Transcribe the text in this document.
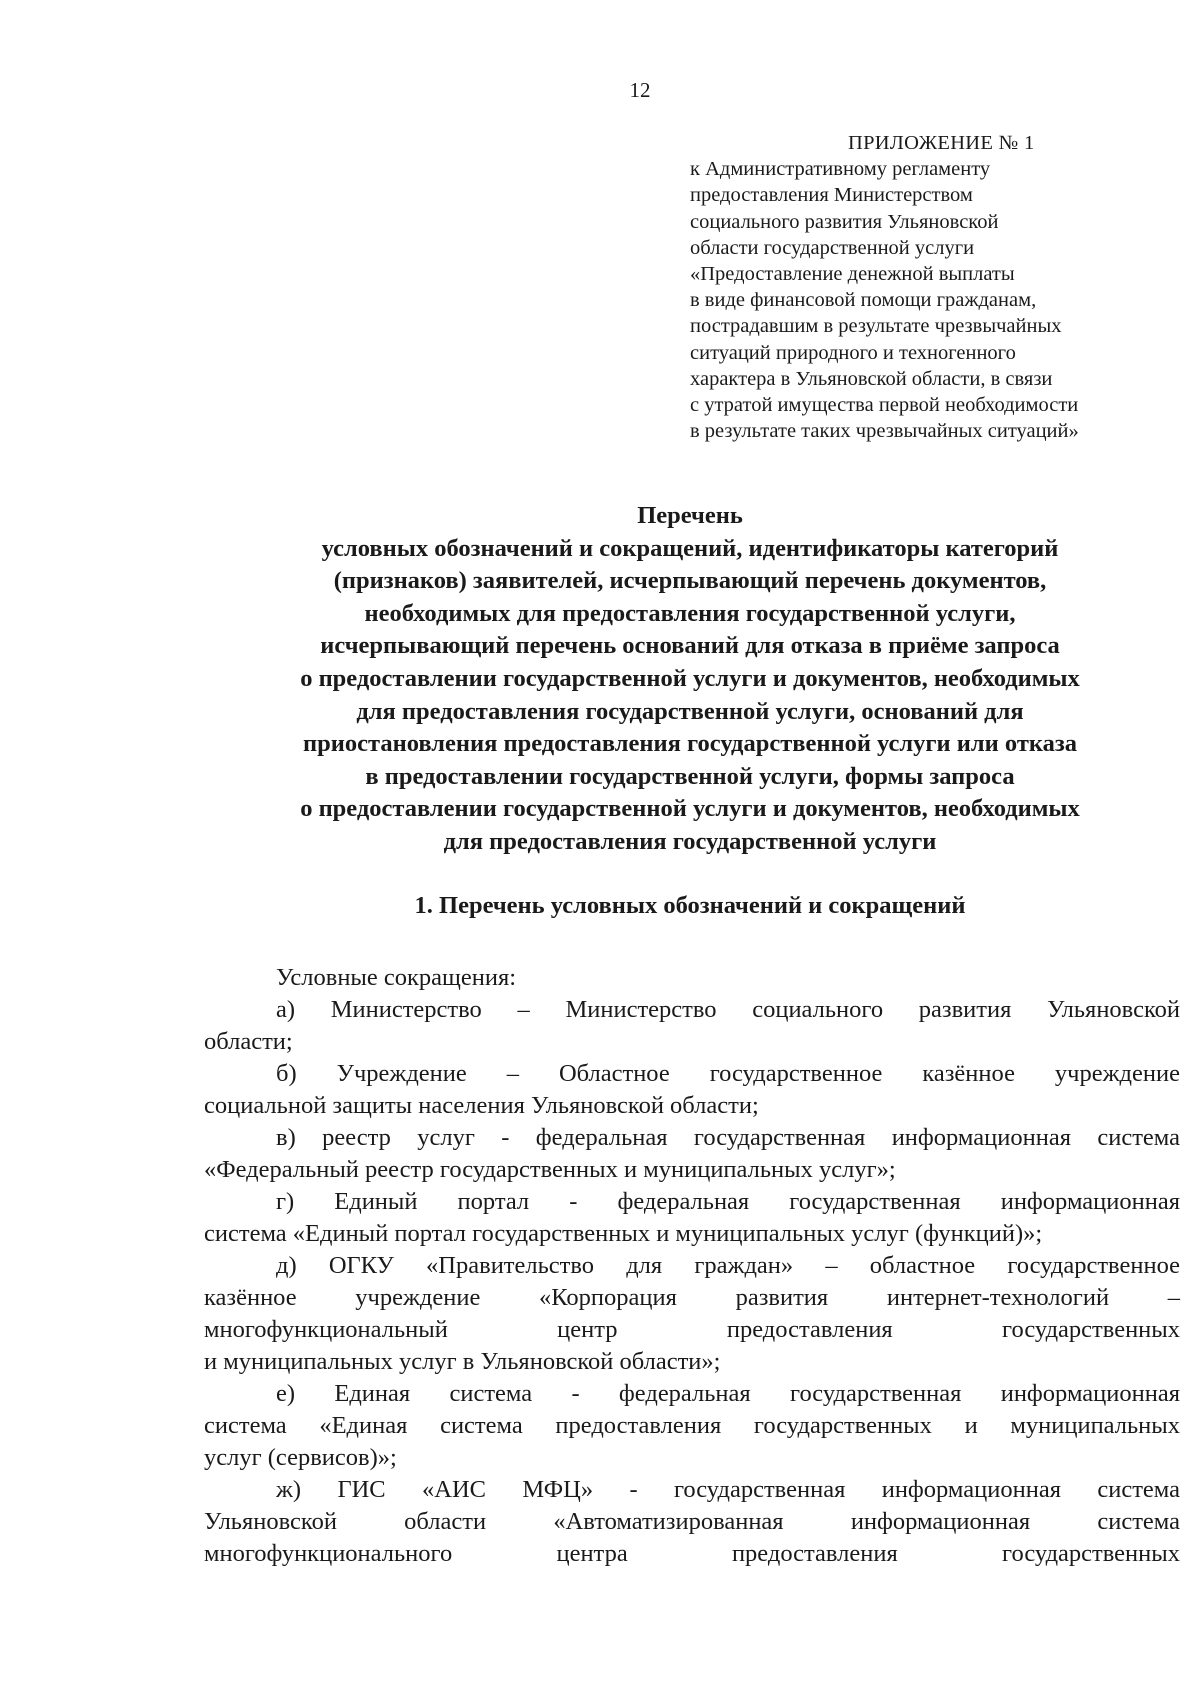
12
ПРИЛОЖЕНИЕ № 1
к Административному регламенту
предоставления Министерством
социального развития Ульяновской
области государственной услуги
«Предоставление денежной выплаты
в виде финансовой помощи гражданам,
пострадавшим в результате чрезвычайных
ситуаций природного и техногенного
характера в Ульяновской области, в связи
с утратой имущества первой необходимости
в результате таких чрезвычайных ситуаций»
Перечень
условных обозначений и сокращений, идентификаторы категорий
(признаков) заявителей, исчерпывающий перечень документов,
необходимых для предоставления государственной услуги,
исчерпывающий перечень оснований для отказа в приёме запроса
о предоставлении государственной услуги и документов, необходимых
для предоставления государственной услуги, оснований для
приостановления предоставления государственной услуги или отказа
в предоставлении государственной услуги, формы запроса
о предоставлении государственной услуги и документов, необходимых
для предоставления государственной услуги
1. Перечень условных обозначений и сокращений
Условные сокращения:
а) Министерство – Министерство социального развития Ульяновской
области;
б) Учреждение – Областное государственное казённое учреждение
социальной защиты населения Ульяновской области;
в) реестр услуг - федеральная государственная информационная система
«Федеральный реестр государственных и муниципальных услуг»;
г) Единый портал - федеральная государственная информационная
система «Единый портал государственных и муниципальных услуг (функций)»;
д) ОГКУ «Правительство для граждан» – областное государственное
казённое учреждение «Корпорация развития интернет-технологий –
многофункциональный центр предоставления государственных
и муниципальных услуг в Ульяновской области»;
е) Единая система - федеральная государственная информационная
система «Единая система предоставления государственных и муниципальных
услуг (сервисов)»;
ж) ГИС «АИС МФЦ» - государственная информационная система
Ульяновской области «Автоматизированная информационная система
многофункционального центра предоставления государственных
